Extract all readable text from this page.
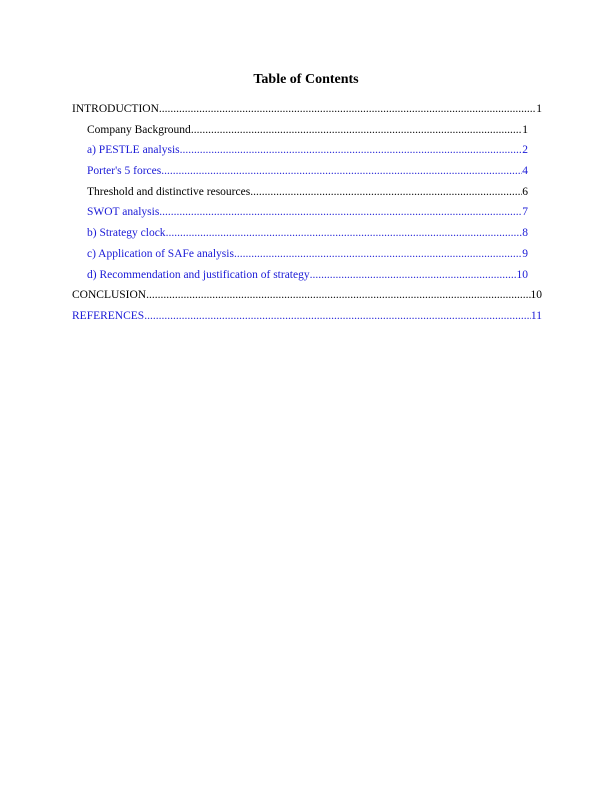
Table of Contents
INTRODUCTION .....	1
Company Background .....	1
a) PESTLE analysis .....	2
Porter's 5 forces .....	4
Threshold and distinctive resources .....	6
SWOT analysis .....	7
b) Strategy clock .....	8
c) Application of SAFe analysis .....	9
d) Recommendation and justification of strategy .....	10
CONCLUSION .....	10
REFERENCES .....	11
